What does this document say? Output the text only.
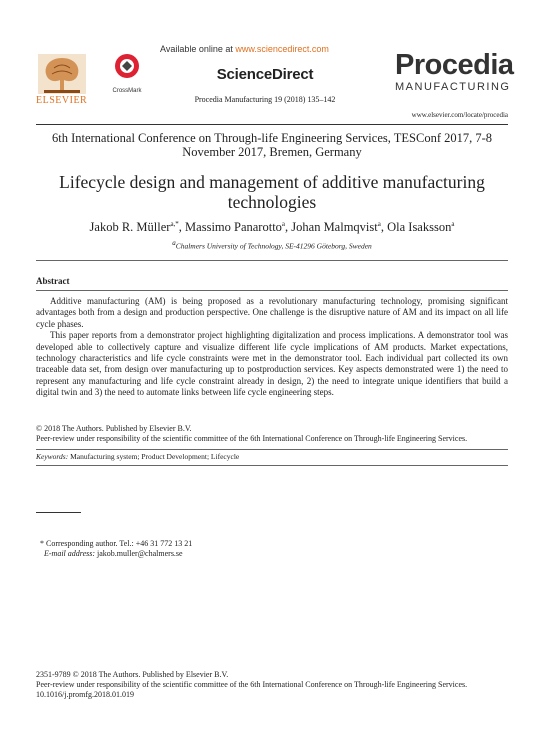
ELSEVIER
CrossMark
Available online at www.sciencedirect.com
ScienceDirect
Procedia Manufacturing 19 (2018) 135–142
Procedia
MANUFACTURING
www.elsevier.com/locate/procedia
6th International Conference on Through-life Engineering Services, TESConf 2017, 7-8 November 2017, Bremen, Germany
Lifecycle design and management of additive manufacturing technologies
Jakob R. Müller$^{a,*}$, Massimo Panarotto$^a$, Johan Malmqvist$^a$, Ola Isaksson$^a$
$^a$Chalmers University of Technology, SE-41296 Göteborg, Sweden
Abstract

Additive manufacturing (AM) is being proposed as a revolutionary manufacturing technology, promising significant advantages both from a design and production perspective. One challenge is the disruptive nature of AM and its impact on all life cycle phases.

This paper reports from a demonstrator project highlighting digitalization and process implications. A demonstrator tool was developed able to collectively capture and visualize different life cycle implications of AM products. Market expectations, technology characteristics and life cycle constraints were met in the demonstrator tool. Each individual part collected its own traceable data set, from design over manufacturing up to postproduction services. Key aspects demonstrated were 1) the need to represent any manufacturing and life cycle constraint already in design, 2) the need to integrate unique identifiers that build a digital twin and 3) the need to automate links between life cycle engineering steps.

© 2018 The Authors. Published by Elsevier B.V.

Peer-review under responsibility of the scientific committee of the 6th International Conference on Through-life Engineering Services.

Keywords: Manufacturing system; Product Development; Lifecycle

* Corresponding author. Tel.: +46 31 772 13 21

E-mail address: jakob.muller@chalmers.se

2351-9789 © 2018 The Authors. Published by Elsevier B.V.

Peer-review under responsibility of the scientific committee of the 6th International Conference on Through-life Engineering Services.

10.1016/j.promfg.2018.01.019
